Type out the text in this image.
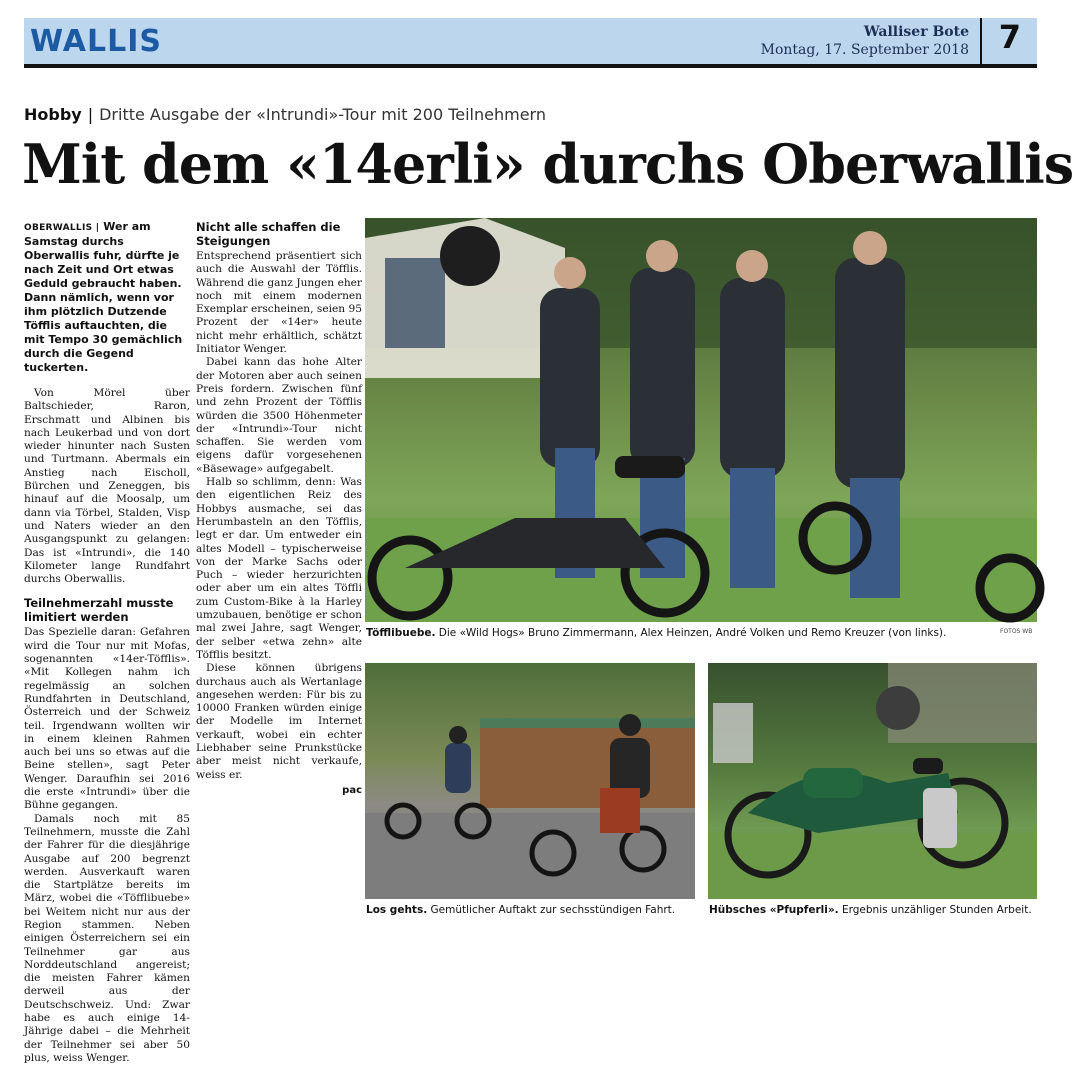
WALLIS	Walliser Bote
Montag, 17. September 2018 7
Hobby | Dritte Ausgabe der «Intrundi»-Tour mit 200 Teilnehmern
Mit dem «14erli» durchs Oberwallis

OBERWALLIS | Wer am Samstag durchs Oberwallis fuhr, dürfte je nach Zeit und Ort etwas Geduld gebraucht haben. Dann nämlich, wenn vor ihm plötzlich Dutzende Töfflis auftauchten, die mit Tempo 30 gemächlich durch die Gegend tuckerten.

Von Mörel über Baltschieder, Raron, Erschmatt und Albinen bis nach Leukerbad und von dort wieder hinunter nach Susten und Turtmann. Abermals ein Anstieg nach Eischoll, Bürchen und Zeneggen, bis hinauf auf die Moosalp, um dann via Törbel, Stalden, Visp und Naters wieder an den Ausgangspunkt zu gelangen: Das ist «Intrundi», die 140 Kilometer lange Rundfahrt durchs Oberwallis.

Teilnehmerzahl musste limitiert werden

Das Spezielle daran: Gefahren wird die Tour nur mit Mofas, sogenannten «14er-Töfflis». «Mit Kollegen nahm ich regelmässig an solchen Rundfahrten in Deutschland, Österreich und der Schweiz teil. Irgendwann wollten wir in einem kleinen Rahmen auch bei uns so etwas auf die Beine stellen», sagt Peter Wenger. Daraufhin sei 2016 die erste «Intrundi» über die Bühne gegangen.

Damals noch mit 85 Teilnehmern, musste die Zahl der Fahrer für die diesjährige Ausgabe auf 200 begrenzt werden. Ausverkauft waren die Startplätze bereits im März, wobei die «Töfflibuebe» bei Weitem nicht nur aus der Region stammen. Neben einigen Österreichern sei ein Teilnehmer gar aus Norddeutschland angereist; die meisten Fahrer kämen derweil aus der Deutschschweiz. Und: Zwar habe es auch einige 14-Jährige dabei – die Mehrheit der Teilnehmer sei aber 50 plus, weiss Wenger.

Nicht alle schaffen die Steigungen

Entsprechend präsentiert sich auch die Auswahl der Töfflis. Während die ganz Jungen eher noch mit einem modernen Exemplar erscheinen, seien 95 Prozent der «14er» heute nicht mehr erhältlich, schätzt Initiator Wenger.

Dabei kann das hohe Alter der Motoren aber auch seinen Preis fordern. Zwischen fünf und zehn Prozent der Töfflis würden die 3500 Höhenmeter der «Intrundi»-Tour nicht schaffen. Sie werden vom eigens dafür vorgesehenen «Bäsewage» aufgegabelt.

Halb so schlimm, denn: Was den eigentlichen Reiz des Hobbys ausmache, sei das Herumbasteln an den Töfflis, legt er dar. Um entweder ein altes Modell – typischerweise von der Marke Sachs oder Puch – wieder herzurichten oder aber um ein altes Töffli zum Custom-Bike à la Harley umzubauen, benötige er schon mal zwei Jahre, sagt Wenger, der selber «etwa zehn» alte Töfflis besitzt.

Diese können übrigens durchaus auch als Wertanlage angesehen werden: Für bis zu 10000 Franken würden einige der Modelle im Internet verkauft, wobei ein echter Liebhaber seine Prunkstücke aber meist nicht verkaufe, weiss er.

pac
FOTOS WB
Töfflibuebe. Die «Wild Hogs» Bruno Zimmermann, Alex Heinzen, André Volken und Remo Kreuzer (von links).
Los gehts. Gemütlicher Auftakt zur sechsstündigen Fahrt.	Hübsches «Pfupferli». Ergebnis unzähliger Stunden Arbeit.
